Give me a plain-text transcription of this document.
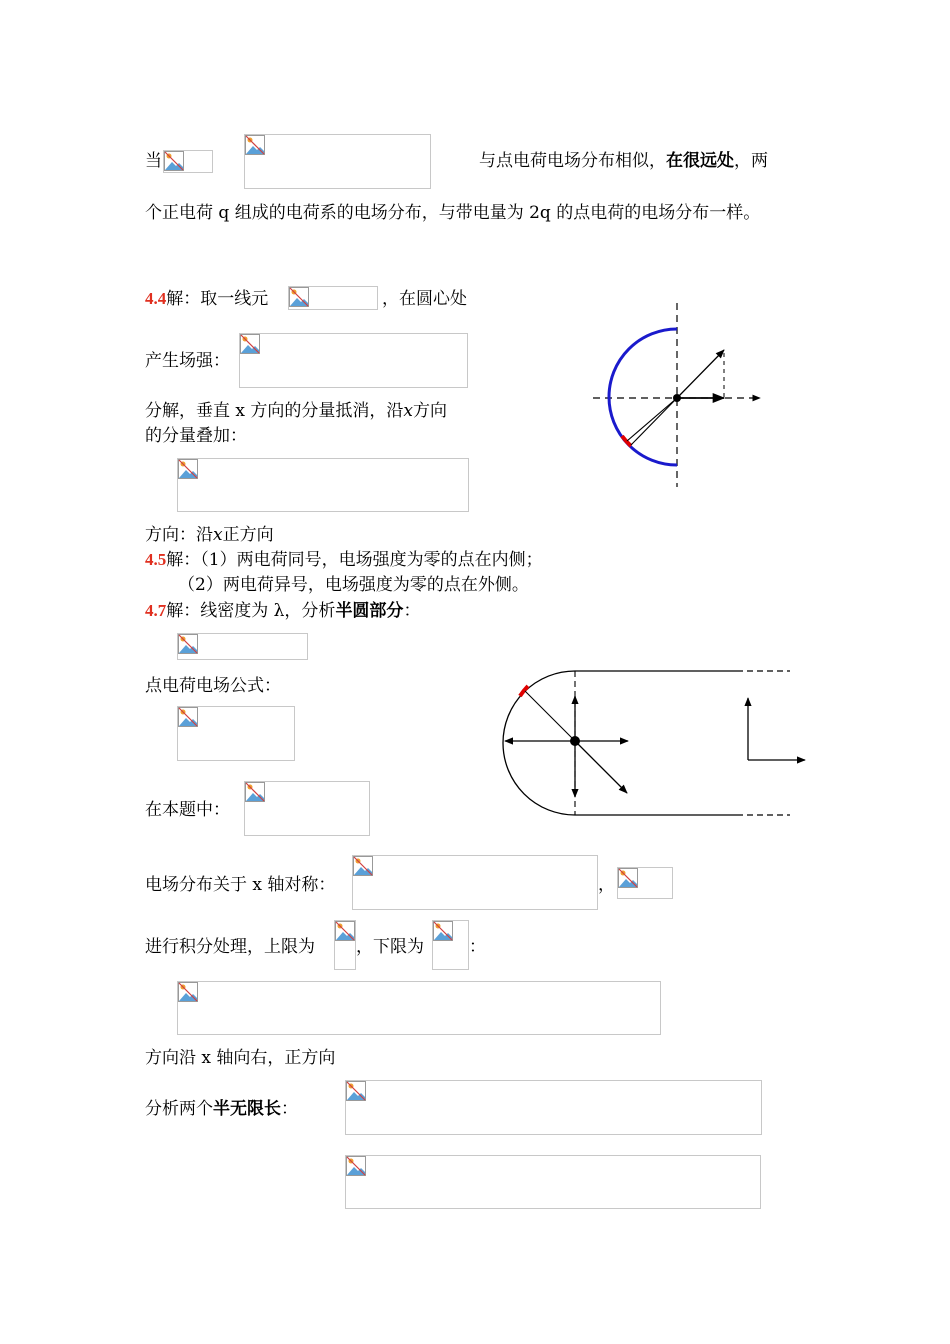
当	与点电荷电场分布相似，在很远处，两
个正电荷 q 组成的电荷系的电场分布，与带电量为 2q 的点电荷的电场分布一样。
4.4解：取一线元	，在圆心处
产生场强：
分解，垂直 x 方向的分量抵消，沿x方向
的分量叠加：
方向：沿x正方向
4.5解：（1）两电荷同号，电场强度为零的点在内侧；
（2）两电荷异号，电场强度为零的点在外侧。
4.7解：线密度为 λ，分析半圆部分：
点电荷电场公式：
在本题中：
电场分布关于 x 轴对称：	，
进行积分处理，上限为 ，下限为	：
方向沿 x 轴向右，正方向
分析两个半无限长：
